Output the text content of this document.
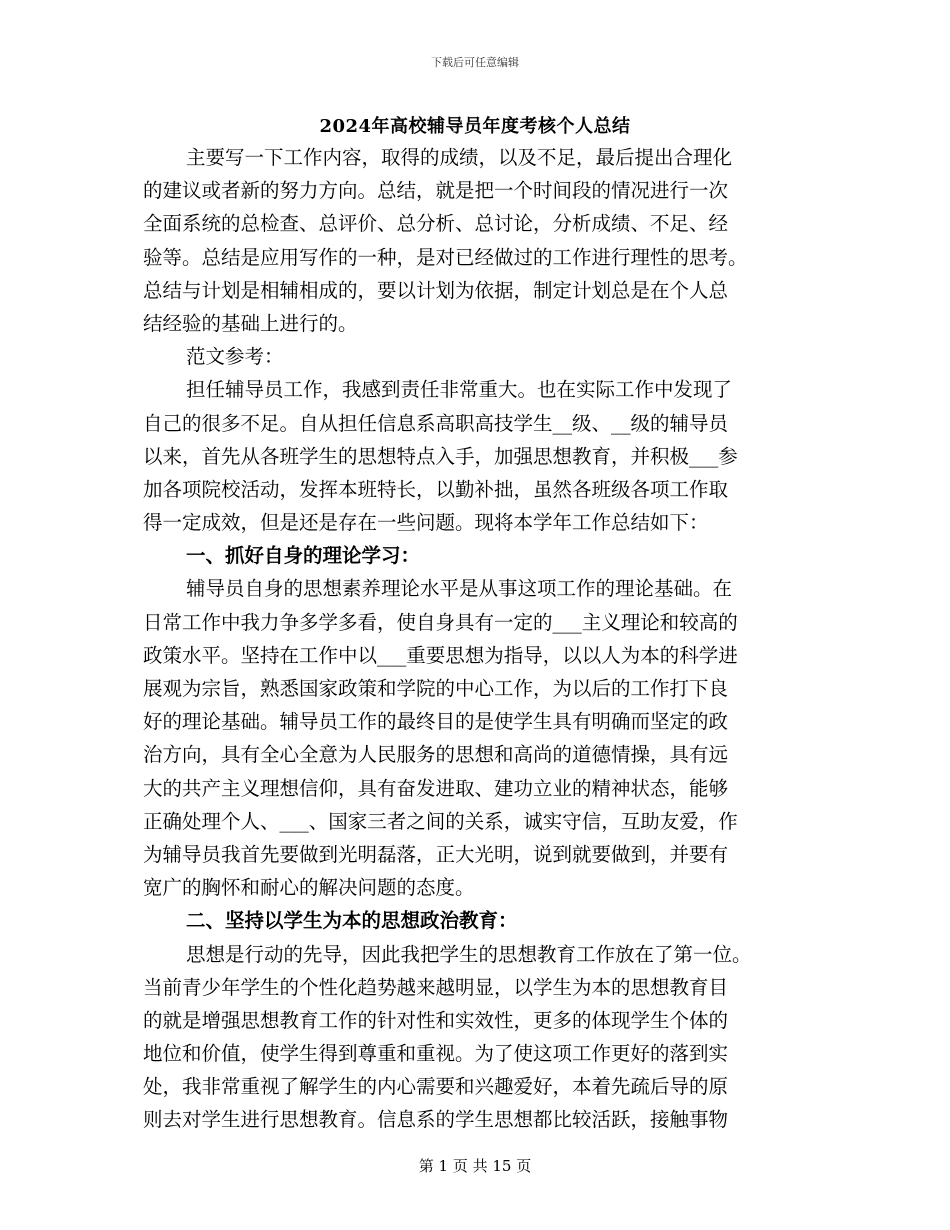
下载后可任意编辑
2024年高校辅导员年度考核个人总结
主要写一下工作内容，取得的成绩，以及不足，最后提出合理化
的建议或者新的努力方向。总结，就是把一个时间段的情况进行一次
全面系统的总检查、总评价、总分析、总讨论，分析成绩、不足、经
验等。总结是应用写作的一种，是对已经做过的工作进行理性的思考。
总结与计划是相辅相成的，要以计划为依据，制定计划总是在个人总
结经验的基础上进行的。
范文参考：
担任辅导员工作，我感到责任非常重大。也在实际工作中发现了
自己的很多不足。自从担任信息系高职高技学生__级、__级的辅导员
以来，首先从各班学生的思想特点入手，加强思想教育，并积极___参
加各项院校活动，发挥本班特长，以勤补拙，虽然各班级各项工作取
得一定成效，但是还是存在一些问题。现将本学年工作总结如下：
一、抓好自身的理论学习：
辅导员自身的思想素养理论水平是从事这项工作的理论基础。在
日常工作中我力争多学多看，使自身具有一定的___主义理论和较高的
政策水平。坚持在工作中以___重要思想为指导，以以人为本的科学进
展观为宗旨，熟悉国家政策和学院的中心工作，为以后的工作打下良
好的理论基础。辅导员工作的最终目的是使学生具有明确而坚定的政
治方向，具有全心全意为人民服务的思想和高尚的道德情操，具有远
大的共产主义理想信仰，具有奋发进取、建功立业的精神状态，能够
正确处理个人、___、国家三者之间的关系，诚实守信，互助友爱，作
为辅导员我首先要做到光明磊落，正大光明，说到就要做到，并要有
宽广的胸怀和耐心的解决问题的态度。
二、坚持以学生为本的思想政治教育：
思想是行动的先导，因此我把学生的思想教育工作放在了第一位。
当前青少年学生的个性化趋势越来越明显，以学生为本的思想教育目
的就是增强思想教育工作的针对性和实效性，更多的体现学生个体的
地位和价值，使学生得到尊重和重视。为了使这项工作更好的落到实
处，我非常重视了解学生的内心需要和兴趣爱好，本着先疏后导的原
则去对学生进行思想教育。信息系的学生思想都比较活跃，接触事物
第 1 页 共 15 页
